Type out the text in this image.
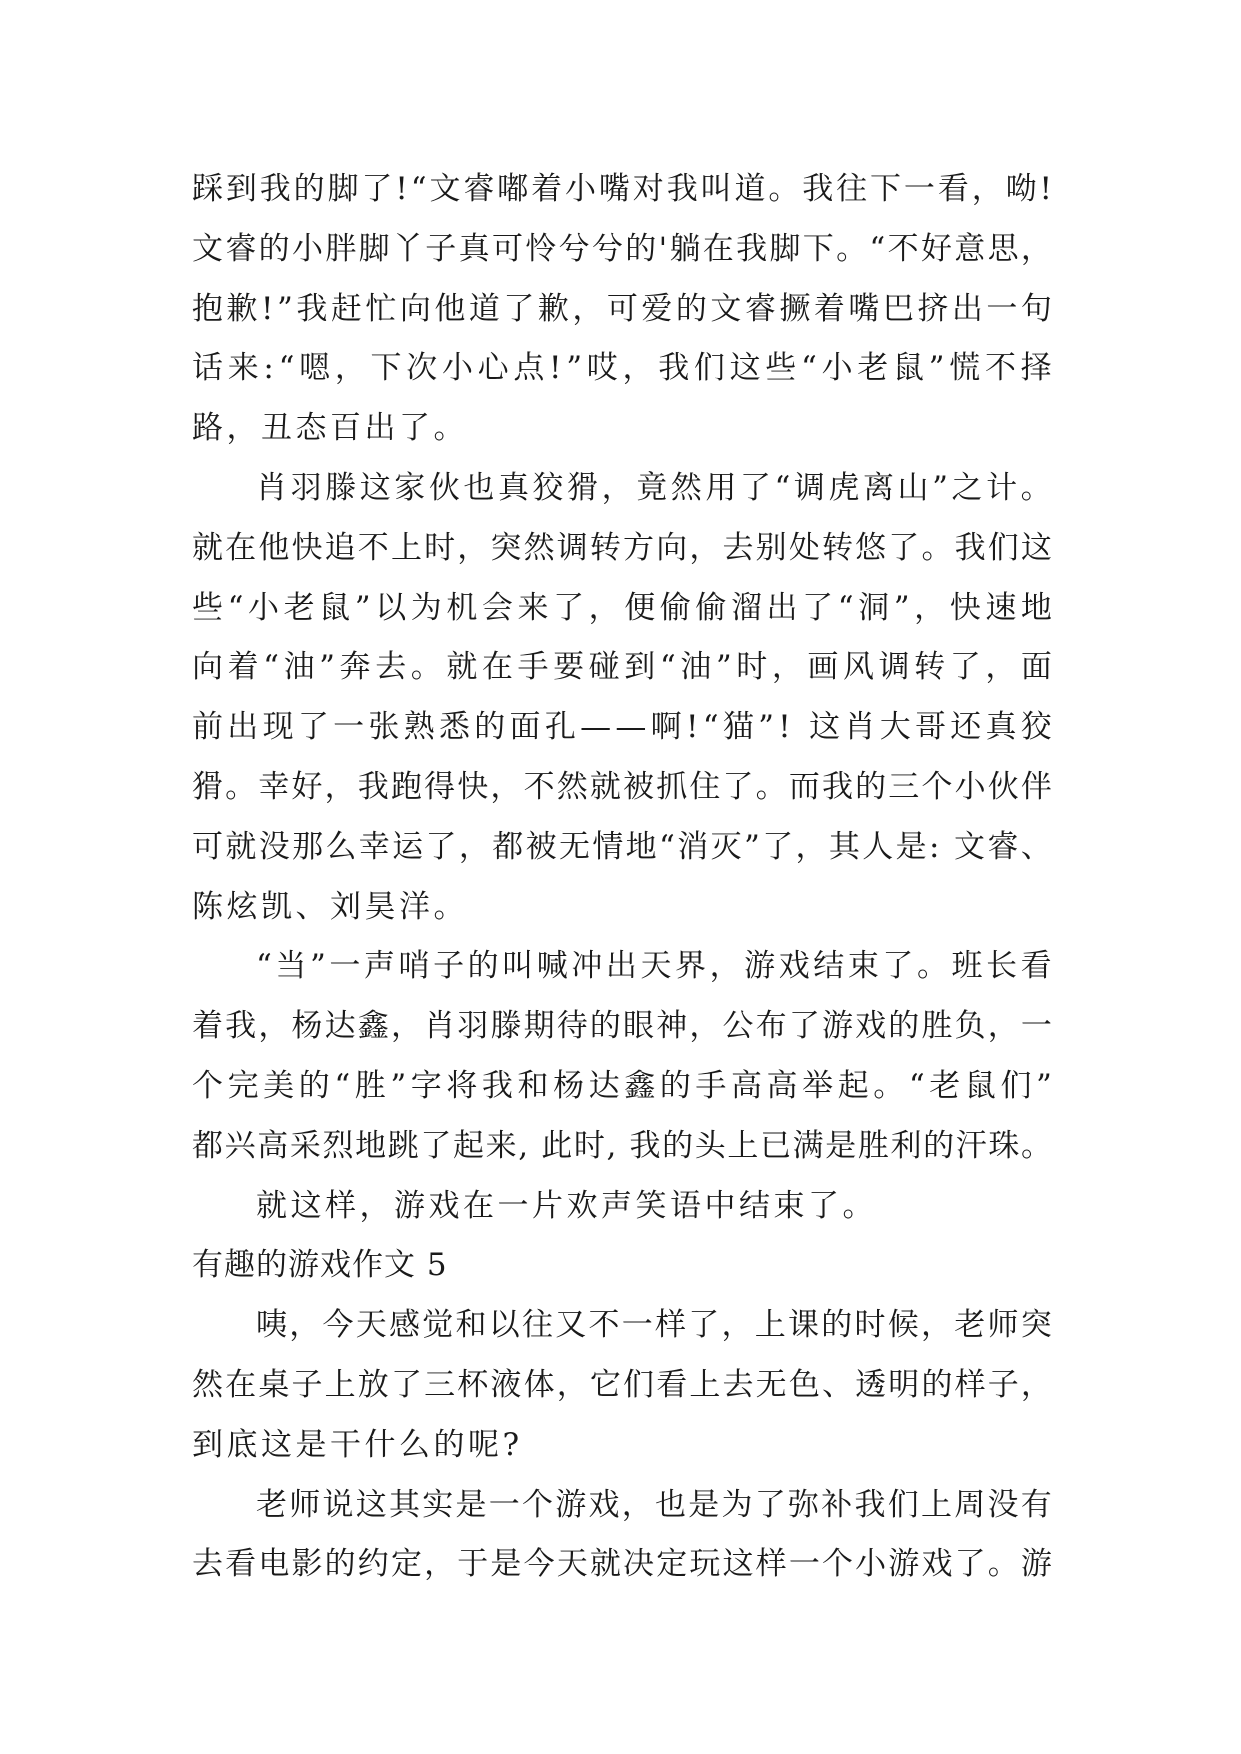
踩 到 我 的 脚 了 ! “ 文 睿 嘟 着 小 嘴 对 我 叫 道 。 我 往 下 一 看 ， 呦 !
文 睿 的 小 胖 脚 丫 子 真 可 怜 兮 兮 的 ' 躺 在 我 脚 下 。 “ 不 好 意 思 ，
抱 歉 ! ” 我 赶 忙 向 他 道 了 歉 ， 可 爱 的 文 睿 撅 着 嘴 巴 挤 出 一 句
话 来 : “ 嗯 ， 下 次 小 心 点 ! ” 哎 ， 我 们 这 些 “ 小 老 鼠 ” 慌 不 择
路，丑态百出了。
肖 羽 滕 这 家 伙 也 真 狡 猾 ， 竟 然 用 了 “ 调 虎 离 山 ” 之 计 。
就 在 他 快 追 不 上 时 ， 突 然 调 转 方 向 ， 去 别 处 转 悠 了 。 我 们 这
些 “ 小 老 鼠 ” 以 为 机 会 来 了 ， 便 偷 偷 溜 出 了 “ 洞 ” ， 快 速 地
向 着 “ 油 ” 奔 去 。 就 在 手 要 碰 到 “ 油 ” 时 ， 画 风 调 转 了 ， 面
前 出 现 了 一 张 熟 悉 的 面 孔 — — 啊 ! “ 猫 ” !
这 肖 大 哥 还 真 狡
猾 。 幸 好 ， 我 跑 得 快 ， 不 然 就 被 抓 住 了 。 而 我 的 三 个 小 伙 伴
可 就 没 那 么 幸 运 了 ， 都 被 无 情 地 “ 消 灭 ” 了 ， 其 人 是 :
文 睿 、
陈炫凯、刘昊洋。
“ 当 ” 一 声 哨 子 的 叫 喊 冲 出 天 界 ， 游 戏 结 束 了 。 班 长 看
着 我 ， 杨 达 鑫 ， 肖 羽 滕 期 待 的 眼 神 ， 公 布 了 游 戏 的 胜 负 ， 一
个 完 美 的 “ 胜 ” 字 将 我 和 杨 达 鑫 的 手 高 高 举 起 。 “ 老 鼠 们 ”
都 兴 高 采 烈 地 跳 了 起 来 ,
此 时 ,
我 的 头 上 已 满 是 胜 利 的 汗 珠 。
就这样，游戏在一片欢声笑语中结束了。
有趣的游戏作文 5
咦 ， 今 天 感 觉 和 以 往 又 不 一 样 了 ， 上 课 的 时 候 ， 老 师 突
然 在 桌 子 上 放 了 三 杯 液 体 ， 它 们 看 上 去 无 色 、 透 明 的 样 子 ，
到底这是干什么的呢?
老 师 说 这 其 实 是 一 个 游 戏 ， 也 是 为 了 弥 补 我 们 上 周 没 有
去 看 电 影 的 约 定 ， 于 是 今 天 就 决 定 玩 这 样 一 个 小 游 戏 了 。 游
